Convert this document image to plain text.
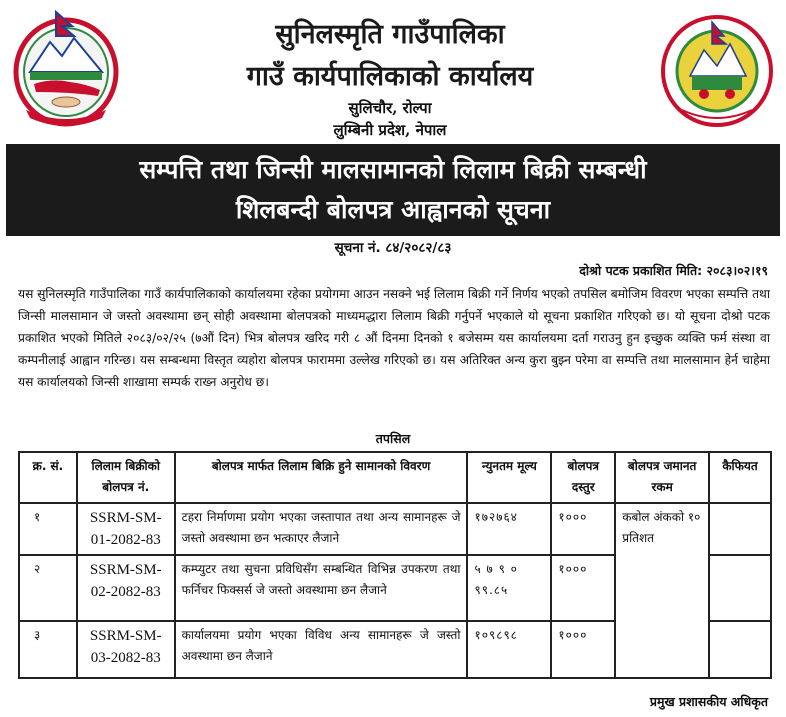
सुनिलस्मृति गाउँपालिका
गाउँ कार्यपालिकाको कार्यालय
सुलिचौर, रोल्पा
लुम्बिनी प्रदेश, नेपाल
सम्पत्ति तथा जिन्सी मालसामानको लिलाम बिक्री सम्बन्धी
शिलबन्दी बोलपत्र आह्वानको सूचना
सूचना नं. ८४/२०८२/८३
दोश्रो पटक प्रकाशित मिति: २०८३।०२।१९
यस सुनिलस्मृति गाउँपालिका गाउँ कार्यपालिकाको कार्यालयमा रहेका प्रयोगमा आउन नसक्ने भई लिलाम बिक्री गर्ने निर्णय भएको तपसिल बमोजिम विवरण भएका सम्पत्ति तथा जिन्सी मालसामान जे जस्तो अवस्थामा छन् सोही अवस्थामा बोलपत्रको माध्यमद्धारा लिलाम बिक्री गर्नुपर्ने भएकाले यो सूचना प्रकाशित गरिएको छ। यो सूचना दोश्रो पटक प्रकाशित भएको मितिले २०८३/०२/२५ (७औं दिन) भित्र बोलपत्र खरिद गरी ८ औं दिनमा दिनको १ बजेसम्म यस कार्यालयमा दर्ता गराउनु हुन इच्छुक व्यक्ति फर्म संस्था वा कम्पनीलाई आह्वान गरिन्छ। यस सम्बन्धमा विस्तृत व्यहोरा बोलपत्र फाराममा उल्लेख गरिएको छ। यस अतिरिक्त अन्य कुरा बुझ्न परेमा वा सम्पत्ति तथा मालसामान हेर्न चाहेमा यस कार्यालयको जिन्सी शाखामा सम्पर्क राख्न अनुरोध छ।
तपसिल
क्र. सं.	लिलाम बिक्रीको बोलपत्र नं.	बोलपत्र मार्फत लिलाम बिक्रि हुने सामानको विवरण	न्युनतम मूल्य	बोलपत्र दस्तुर	बोलपत्र जमानत रकम	कैफियत
१	SSRM-SM-01-2082-83	टहरा निर्माणमा प्रयोग भएका जस्तापात तथा अन्य सामानहरू जे जस्तो अवस्थामा छन भत्काएर लैजाने	१७२७६४	१०००	कबोल अंकको १० प्रतिशत	
२	SSRM-SM-02-2082-83	कम्प्युटर तथा सुचना प्रविधिसँग सम्बन्धित विभिन्न उपकरण तथा फर्निचर फिक्सर्स जे जस्तो अवस्थामा छन लैजाने	५ ७ ९ ० ९९.८५	१०००		
३	SSRM-SM-03-2082-83	कार्यालयमा प्रयोग भएका विविध अन्य सामानहरू जे जस्तो अवस्थामा छन लैजाने	१०९८९८	१०००		
प्रमुख प्रशासकीय अधिकृत
